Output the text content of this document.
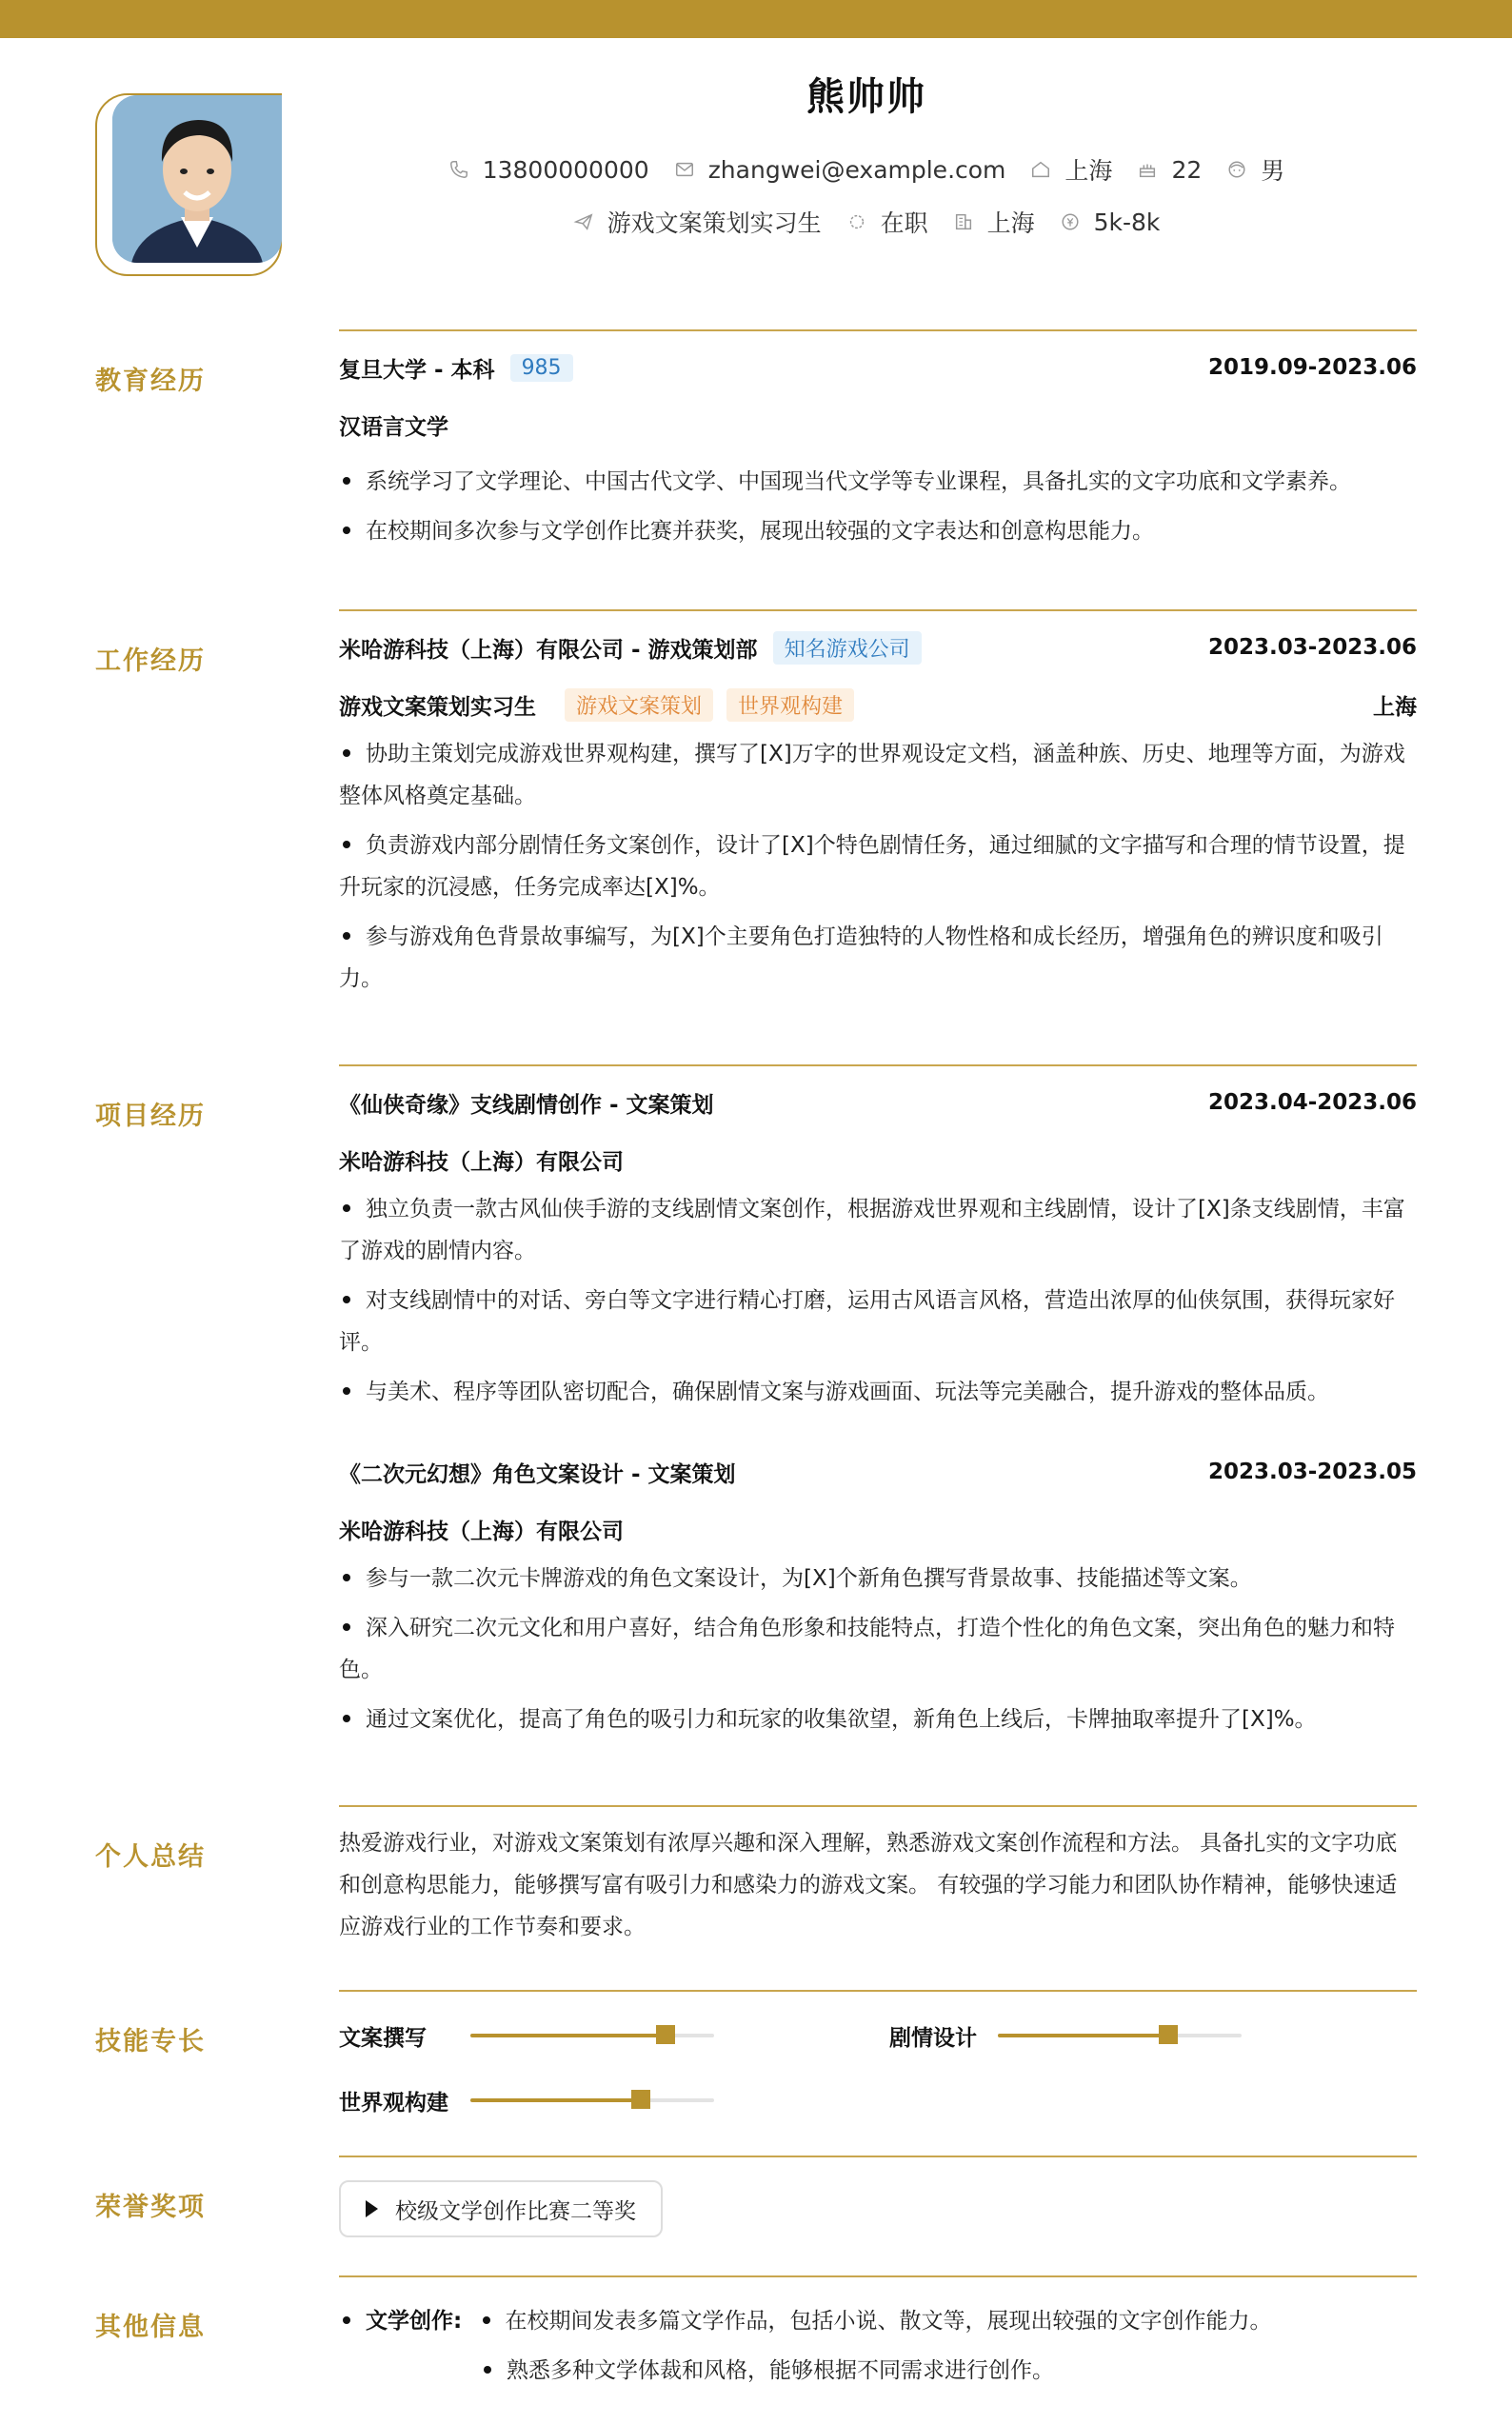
熊帅帅
13800000000 zhangwei@example.com 上海 22 男
游戏文案策划实习生 在职 上海 5k-8k
教育经历	复旦大学 - 本科	985	2019.09-2023.06
汉语言文学
系统学习了文学理论、中国古代文学、中国现当代文学等专业课程，具备扎实的文字功底和文学素养。
在校期间多次参与文学创作比赛并获奖，展现出较强的文字表达和创意构思能力。
工作经历	米哈游科技（上海）有限公司 - 游戏策划部	知名游戏公司	2023.03-2023.06
游戏文案策划实习生	游戏文案策划	世界观构建	上海
协助主策划完成游戏世界观构建，撰写了[X]万字的世界观设定文档，涵盖种族、历史、地理等方面，为游戏整体风格奠定基础。
负责游戏内部分剧情任务文案创作，设计了[X]个特色剧情任务，通过细腻的文字描写和合理的情节设置，提升玩家的沉浸感，任务完成率达[X]%。
参与游戏角色背景故事编写，为[X]个主要角色打造独特的人物性格和成长经历，增强角色的辨识度和吸引力。
项目经历	《仙侠奇缘》支线剧情创作 - 文案策划	2023.04-2023.06
米哈游科技（上海）有限公司
独立负责一款古风仙侠手游的支线剧情文案创作，根据游戏世界观和主线剧情，设计了[X]条支线剧情，丰富了游戏的剧情内容。
对支线剧情中的对话、旁白等文字进行精心打磨，运用古风语言风格，营造出浓厚的仙侠氛围，获得玩家好评。
与美术、程序等团队密切配合，确保剧情文案与游戏画面、玩法等完美融合，提升游戏的整体品质。
《二次元幻想》角色文案设计 - 文案策划	2023.03-2023.05
米哈游科技（上海）有限公司
参与一款二次元卡牌游戏的角色文案设计，为[X]个新角色撰写背景故事、技能描述等文案。
深入研究二次元文化和用户喜好，结合角色形象和技能特点，打造个性化的角色文案，突出角色的魅力和特色。
通过文案优化，提高了角色的吸引力和玩家的收集欲望，新角色上线后，卡牌抽取率提升了[X]%。
个人总结	热爱游戏行业，对游戏文案策划有浓厚兴趣和深入理解，熟悉游戏文案创作流程和方法。 具备扎实的文字功底和创意构思能力，能够撰写富有吸引力和感染力的游戏文案。 有较强的学习能力和团队协作精神，能够快速适应游戏行业的工作节奏和要求。
技能专长	文案撰写	剧情设计
世界观构建
荣誉奖项	校级文学创作比赛二等奖
其他信息	文学创作: 在校期间发表多篇文学作品，包括小说、散文等，展现出较强的文字创作能力。
熟悉多种文学体裁和风格，能够根据不同需求进行创作。
